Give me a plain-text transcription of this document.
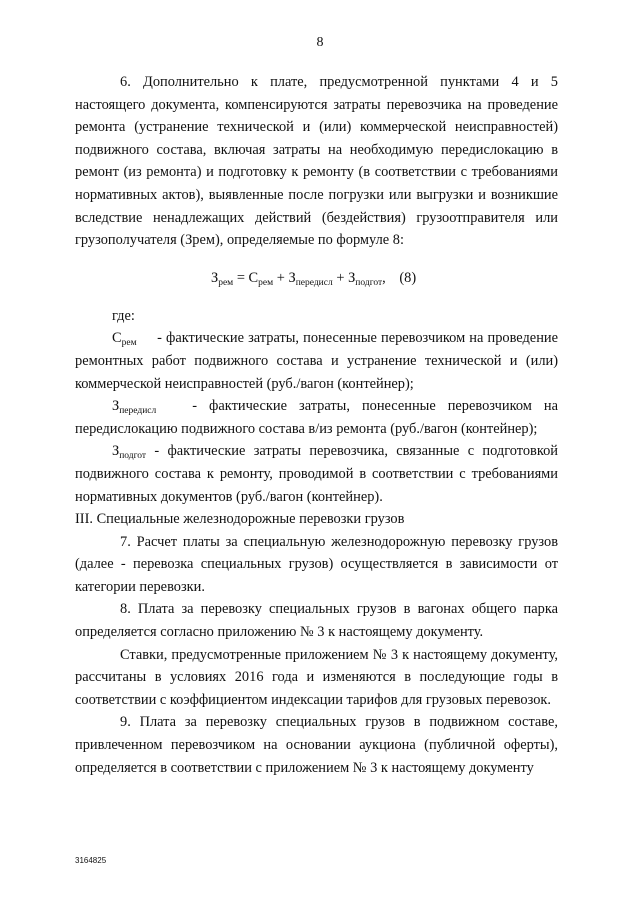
8

6. Дополнительно к плате, предусмотренной пунктами 4 и 5 настоящего документа, компенсируются затраты перевозчика на проведение ремонта (устранение технической и (или) коммерческой неисправностей) подвижного состава, включая затраты на необходимую передислокацию в ремонт (из ремонта) и подготовку к ремонту (в соответствии с требованиями нормативных актов), выявленные после погрузки или выгрузки и возникшие вследствие ненадлежащих действий (бездействия) грузоотправителя или грузополучателя (Зрем), определяемые по формуле 8:

$З_{рем} = С_{рем} + З_{передисл} + З_{подгот}$, (8)

где:

$С_{рем}$ - фактические затраты, понесенные перевозчиком на проведение ремонтных работ подвижного состава и устранение технической и (или) коммерческой неисправностей (руб./вагон (контейнер);

$З_{передисл}$	- фактические затраты, понесенные перевозчиком на передислокацию подвижного состава в/из ремонта (руб./вагон (контейнер);

$З_{подгот}$ - фактические затраты перевозчика, связанные с подготовкой подвижного состава к ремонту, проводимой в соответствии с требованиями нормативных документов (руб./вагон (контейнер).

III. Специальные железнодорожные перевозки грузов

7. Расчет платы за специальную железнодорожную перевозку грузов (далее - перевозка специальных грузов) осуществляется в зависимости от категории перевозки.

8. Плата за перевозку специальных грузов в вагонах общего парка определяется согласно приложению № 3 к настоящему документу.

Ставки, предусмотренные приложением № 3 к настоящему документу, рассчитаны в условиях 2016 года и изменяются в последующие годы в соответствии с коэффициентом индексации тарифов для грузовых перевозок.

9. Плата за перевозку специальных грузов в подвижном составе, привлеченном перевозчиком на основании аукциона (публичной оферты), определяется в соответствии с приложением № 3 к настоящему документу

3164825
